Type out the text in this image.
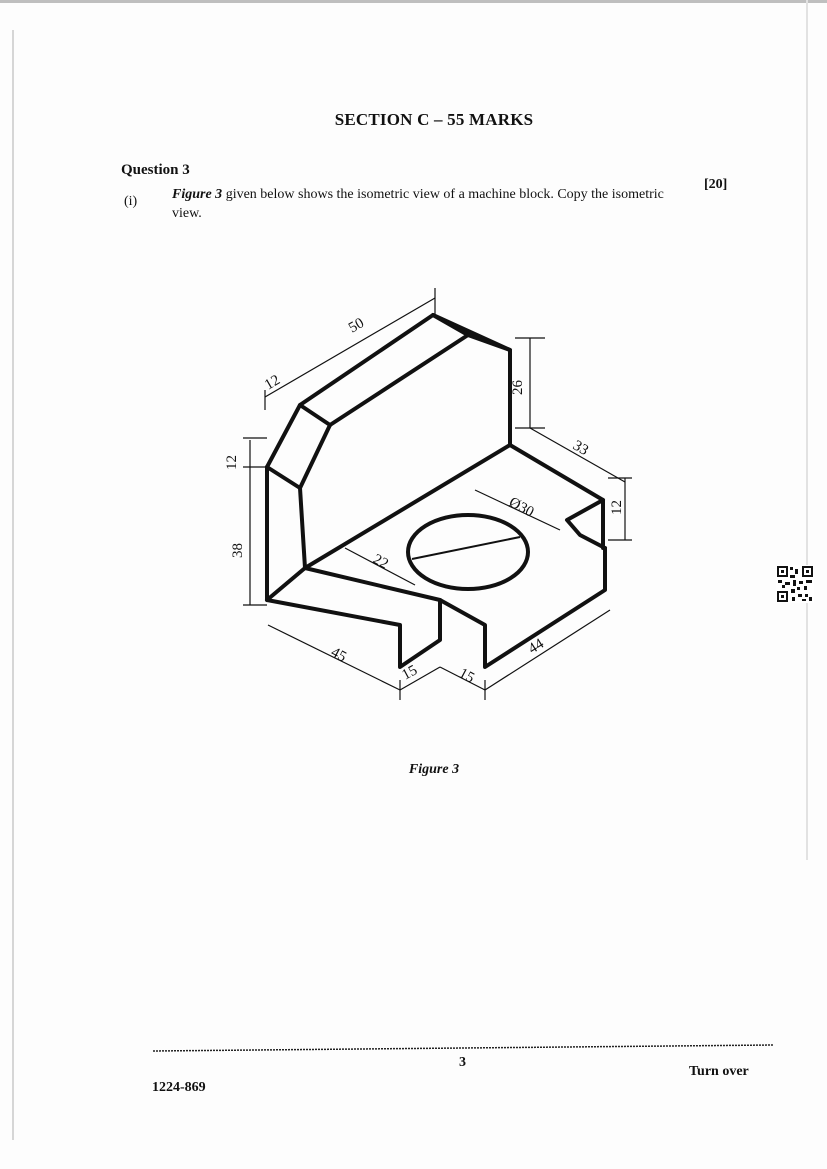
SECTION C – 55 MARKS
Question 3
(i) Figure 3 given below shows the isometric view of a machine block. Copy the isometric view.
[20]
50
12	26
12
38
33
12
Ø30
22
45
15 15
44
Figure 3
3
Turn over
1224-869
